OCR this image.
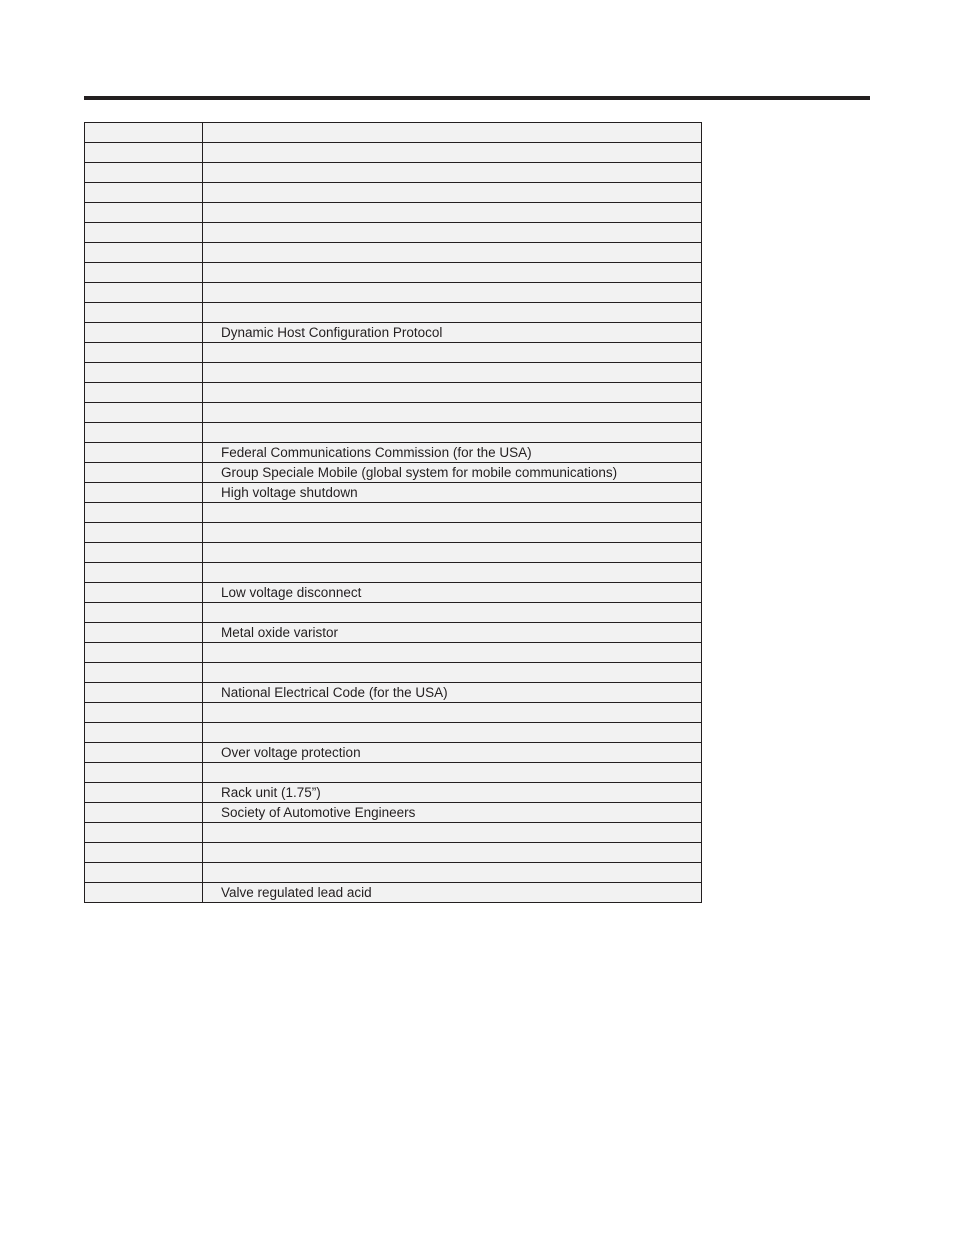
	Dynamic Host Configuration Protocol

	Federal Communications Commission (for the USA)
	Group Speciale Mobile (global system for mobile communications)
	High voltage shutdown

	Low voltage disconnect

	Metal oxide varistor

	National Electrical Code (for the USA)

	Over voltage protection

	Rack unit (1.75”)
	Society of Automotive Engineers

	Valve regulated lead acid
